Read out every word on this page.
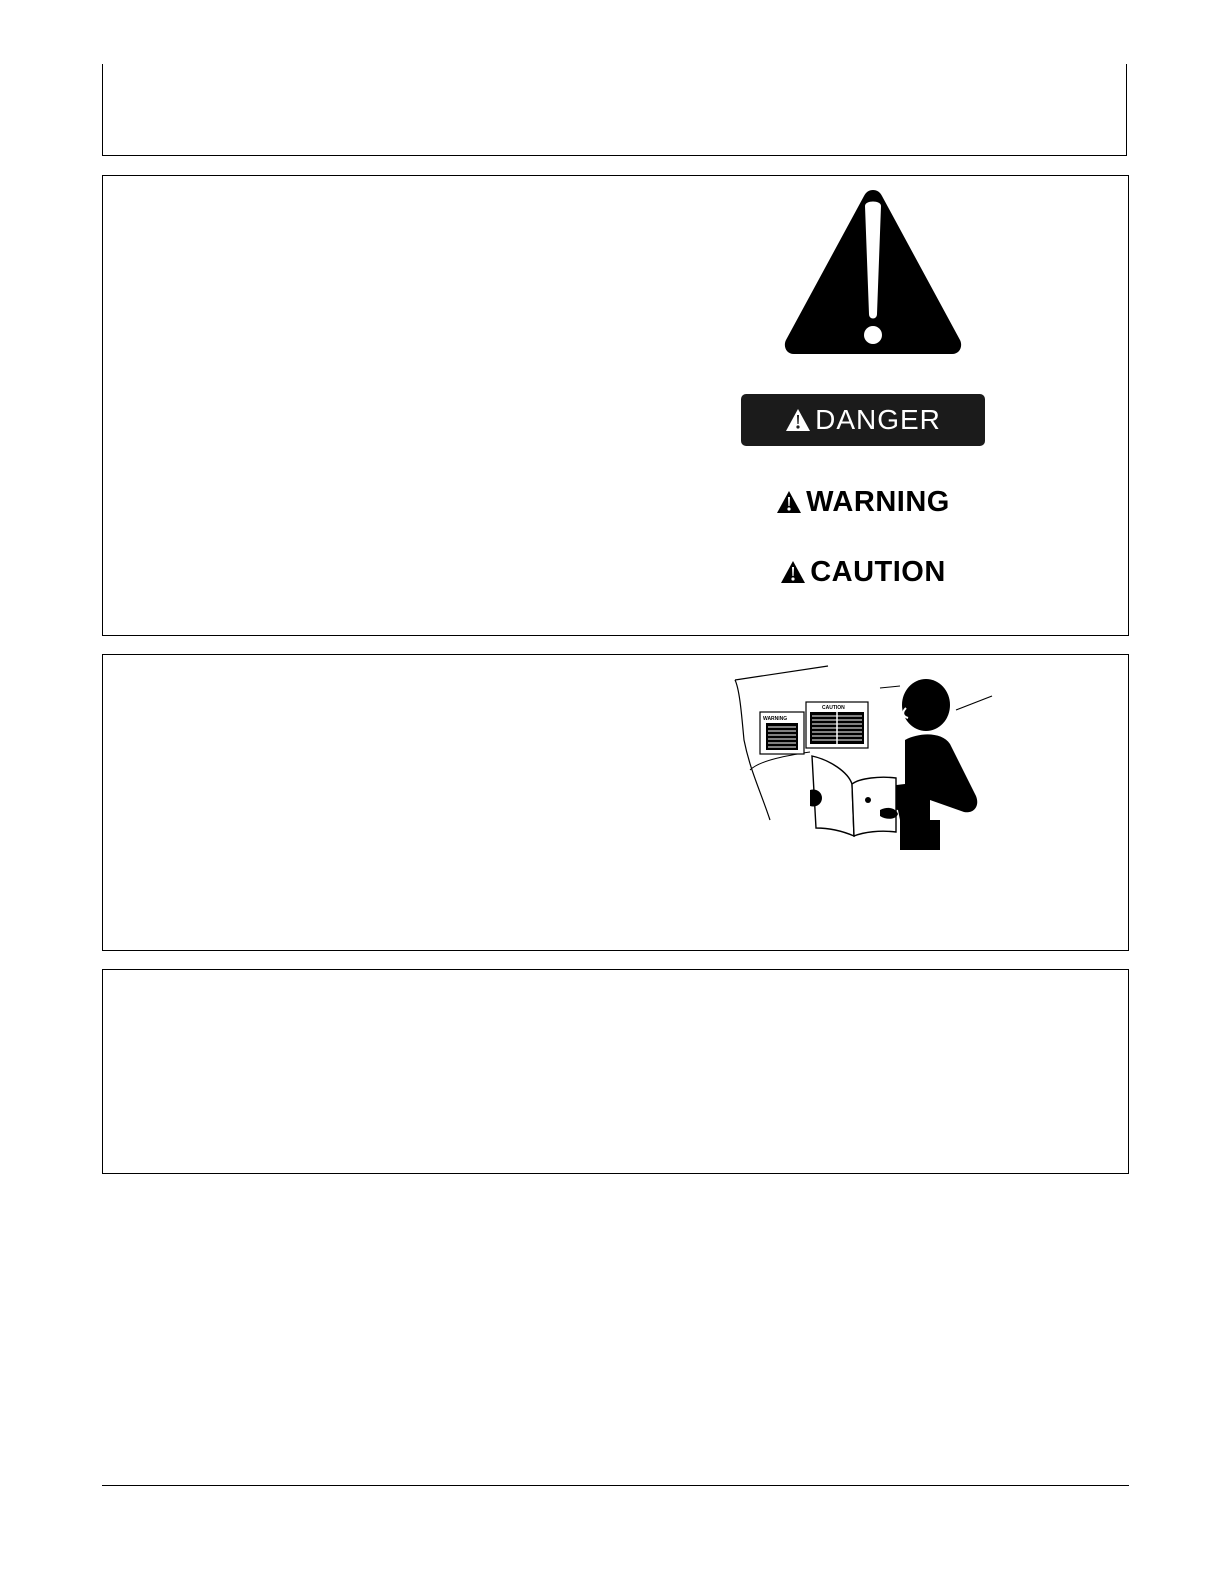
DANGER
WARNING
CAUTION
WARNING
CAUTION
